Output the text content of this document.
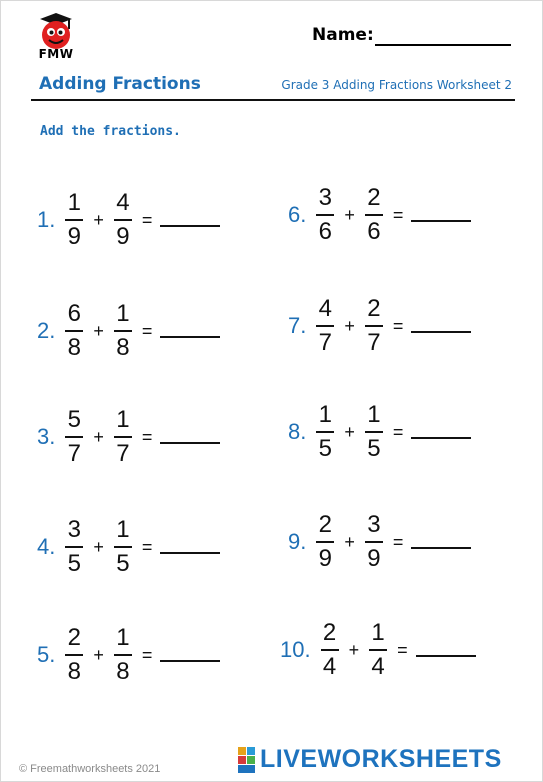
FMW
Name:
Adding Fractions	Grade 3 Adding Fractions Worksheet 2
Add the fractions.
1. $\frac{1}{9} + \frac{4}{9}$ =
2. $\frac{6}{8} + \frac{1}{8}$ =
3. $\frac{5}{7} + \frac{1}{7}$ =
4. $\frac{3}{5} + \frac{1}{5}$ =
5. $\frac{2}{8} + \frac{1}{8}$ =
6. $\frac{3}{6} + \frac{2}{6}$ =
7. $\frac{4}{7} + \frac{2}{7}$ =
8. $\frac{1}{5} + \frac{1}{5}$ =
9. $\frac{2}{9} + \frac{3}{9}$ =
10. $\frac{2}{4} + \frac{1}{4}$ =
© Freemathworksheets 2021	LIVEWORKSHEETS
